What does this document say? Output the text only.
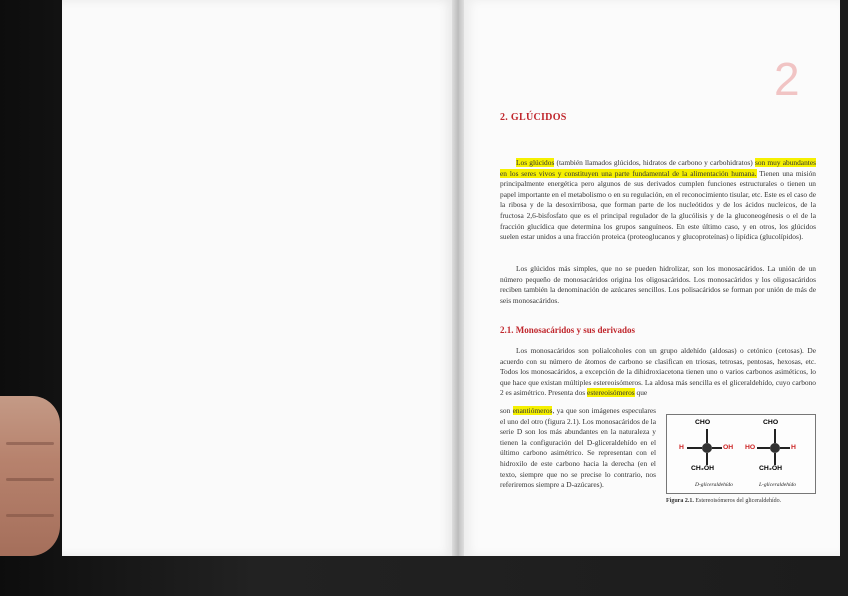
2
2. GLÚCIDOS
Los glúcidos (también llamados glúcidos, hidratos de carbono y carbohidratos) son muy abundantes en los seres vivos y constituyen una parte fundamental de la alimentación humana. Tienen una misión principalmente energética pero algunos de sus derivados cumplen funciones estructurales o tienen un papel importante en el metabolismo o en su regulación, en el reconocimiento tisular, etc. Este es el caso de la ribosa y de la desoxirribosa, que forman parte de los nucleótidos y de los ácidos nucleicos, de la fructosa 2,6-bisfosfato que es el principal regulador de la glucólisis y de la gluconeogénesis o el de la fracción glucídica que determina los grupos sanguíneos. En este último caso, y en otros, los glúcidos suelen estar unidos a una fracción proteica (proteoglucanos y glucoproteínas) o lipídica (glucolípidos).
Los glúcidos más simples, que no se pueden hidrolizar, son los monosacáridos. La unión de un número pequeño de monosacáridos origina los oligosacáridos. Los monosacáridos y los oligosacáridos reciben también la denominación de azúcares sencillos. Los polisacáridos se forman por unión de más de seis monosacáridos.
2.1. Monosacáridos y sus derivados
Los monosacáridos son polialcoholes con un grupo aldehído (aldosas) o cetónico (cetosas). De acuerdo con su número de átomos de carbono se clasifican en triosas, tetrosas, pentosas, hexosas, etc. Todos los monosacáridos, a excepción de la dihidroxiacetona tienen uno o varios carbonos asiméticos, lo que hace que existan múltiples estereoisómeros. La aldosa más sencilla es el gliceraldehído, cuyo carbono 2 es asimétrico. Presenta dos estereoisómeros que
son enantiómeros, ya que son imágenes especulares el uno del otro (figura 2.1). Los monosacáridos de la serie D son los más abundantes en la naturaleza y tienen la configuración del D-gliceraldehído en el último carbono asimétrico. Se representan con el hidroxilo de este carbono hacia la derecha (en el texto, siempre que no se precise lo contrario, nos referiremos siempre a D-azúcares).
CHO
H	OH
CH₂OH
D-gliceraldehído
CHO
HO	H
CH₂OH
L-gliceraldehído
Figura 2.1. Estereoisómeros del gliceraldehído.
